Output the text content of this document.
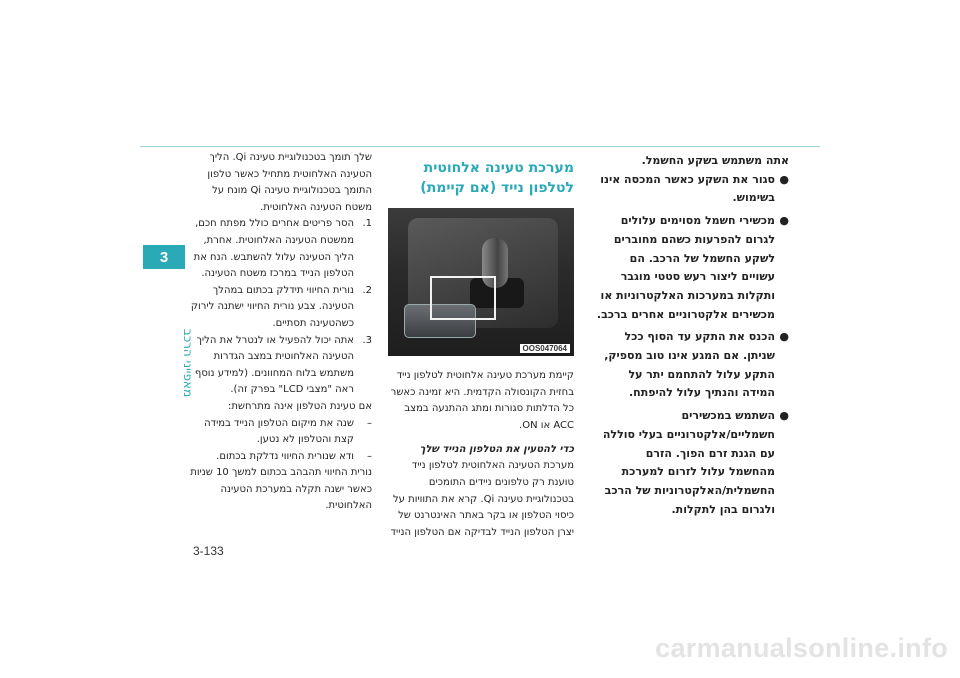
3
מאפייני הרכב

שלך תומך בטכנולוגיית טעינה Qi. הליך הטעינה האלחוטית מתחיל כאשר טלפון התומך בטכנולוגיית טעינה Qi מונח על משטח הטעינה האלחוטית.

1.
הסר פריטים אחרים כולל מפתח חכם, ממשטח הטעינה האלחוטית. אחרת, הליך הטעינה עלול להשתבש. הנח את הטלפון הנייד במרכז משטח הטעינה.
2.
נורית החיווי תידלק בכתום במהלך הטעינה. צבע נורית החיווי ישתנה לירוק כשהטעינה תסתיים.
3.
אתה יכול להפעיל או לנטרל את הליך הטעינה האלחוטית במצב הגדרות משתמש בלוח המחוונים. (למידע נוסף ראה "מצבי LCD" בפרק זה).

אם טעינת הטלפון אינה מתרחשת:

–
שנה את מיקום הטלפון הנייד במידה קצת והטלפון לא נטען.
–
ודא שנורית החיווי נדלקת בכתום.

נורית החיווי תהבהב בכתום למשך 10 שניות כאשר ישנה תקלה במערכת הטעינה האלחוטית.

מערכת טעינה אלחוטית לטלפון נייד (אם קיימת)
OOS047064

קיימת מערכת טעינה אלחוטית לטלפון נייד בחזית הקונסולה הקדמית. היא זמינה כאשר כל הדלתות סגורות ומתג ההתנעה במצב ACC או ON.

כדי להטעין את הטלפון הנייד שלך

מערכת הטעינה האלחוטית לטלפון נייד טוענת רק טלפונים ניידים התומכים בטכנולוגיית טעינה Qi. קרא את התוויות על כיסוי הטלפון או בקר באתר האינטרנט של יצרן הטלפון הנייד לבדיקה אם הטלפון הנייד

אתה משתמש בשקע החשמל.

●
סגור את השקע כאשר המכסה אינו בשימוש.
●
מכשירי חשמל מסוימים עלולים לגרום להפרעות כשהם מחוברים לשקע החשמל של הרכב. הם עשויים ליצור רעש סטטי מוגבר ותקלות במערכות האלקטרוניות או מכשירים אלקטרוניים אחרים ברכב.
●
הכנס את התקע עד הסוף ככל שניתן. אם המגע אינו טוב מספיק, התקע עלול להתחמם יתר על המידה והנתיך עלול להיפתח.
●
השתמש במכשירים חשמליים/אלקטרוניים בעלי סוללה עם הגנת זרם הפוך. הזרם מהחשמל עלול לזרום למערכת החשמלית/האלקטרוניות של הרכב ולגרום בהן לתקלות.
3-133
carmanualsonline.info
